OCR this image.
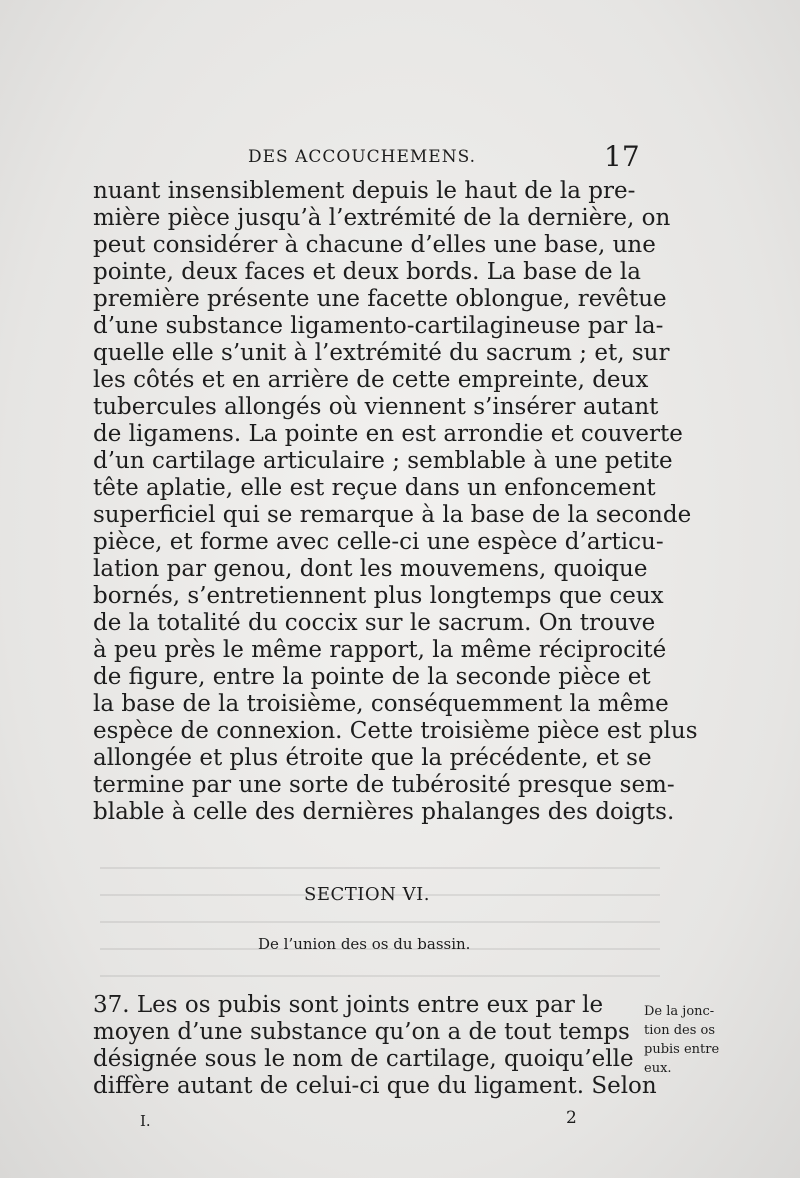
DES ACCOUCHEMENS.	17
nuant insensiblement depuis le haut de la pre-
mière pièce jusqu’à l’extrémité de la dernière, on
peut considérer à chacune d’elles une base, une
pointe, deux faces et deux bords. La base de la
première présente une facette oblongue, revêtue
d’une substance ligamento-cartilagineuse par la-
quelle elle s’unit à l’extrémité du sacrum ; et, sur
les côtés et en arrière de cette empreinte, deux
tubercules allongés où viennent s’insérer autant
de ligamens. La pointe en est arrondie et couverte
d’un cartilage articulaire ; semblable à une petite
tête aplatie, elle est reçue dans un enfoncement
superficiel qui se remarque à la base de la seconde
pièce, et forme avec celle-ci une espèce d’articu-
lation par genou, dont les mouvemens, quoique
bornés, s’entretiennent plus longtemps que ceux
de la totalité du coccix sur le sacrum. On trouve
à peu près le même rapport, la même réciprocité
de figure, entre la pointe de la seconde pièce et
la base de la troisième, conséquemment la même
espèce de connexion. Cette troisième pièce est plus
allongée et plus étroite que la précédente, et se
termine par une sorte de tubérosité presque sem-
blable à celle des dernières phalanges des doigts.
SECTION VI.
De l’union des os du bassin.
37. Les os pubis sont joints entre eux par le
moyen d’une substance qu’on a de tout temps
désignée sous le nom de cartilage, quoiqu’elle
diffère autant de celui-ci que du ligament. Selon
De la jonc-
tion des os
pubis entre
eux.
I.	2
